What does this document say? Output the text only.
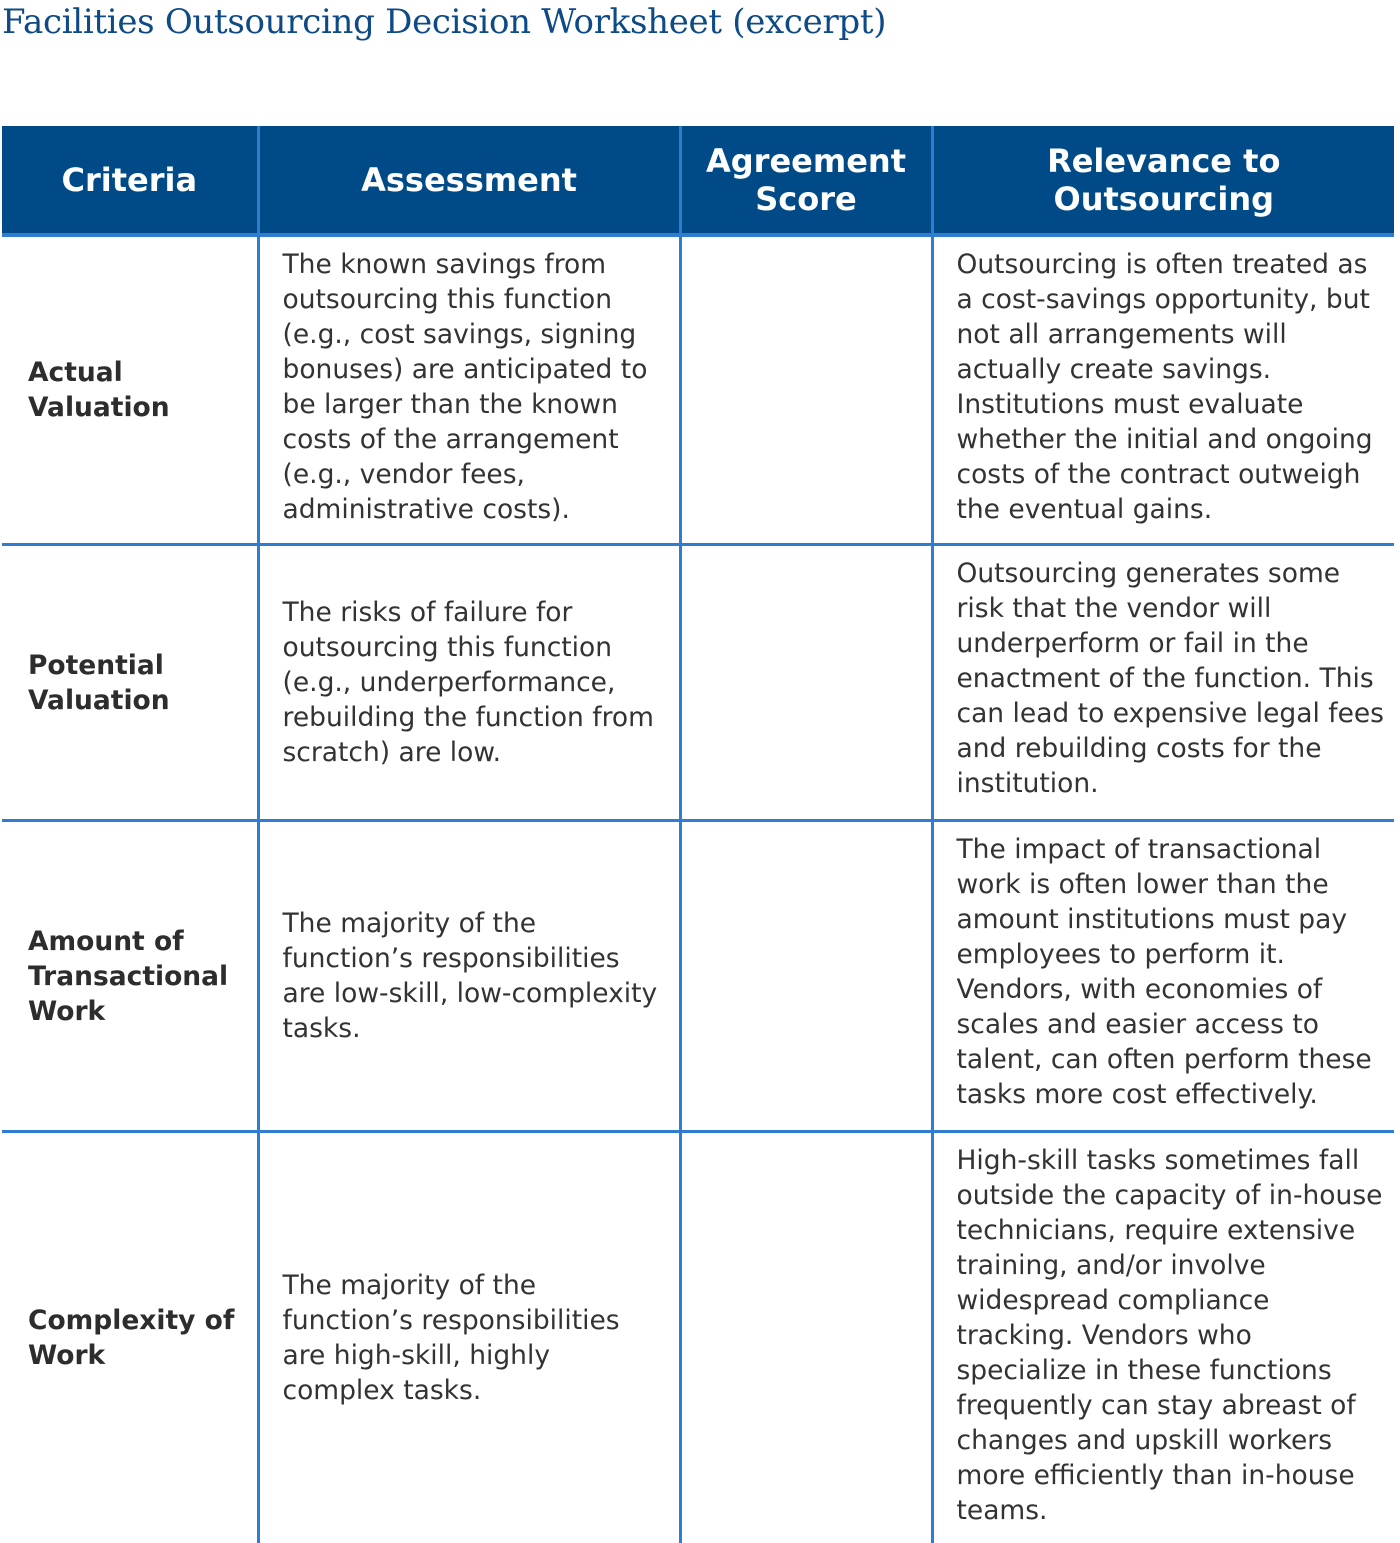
Facilities Outsourcing Decision Worksheet (excerpt)
Criteria	Assessment	Agreement Score	Relevance to Outsourcing
Actual Valuation	The known savings from outsourcing this function (e.g., cost savings, signing bonuses) are anticipated to be larger than the known costs of the arrangement (e.g., vendor fees, administrative costs).		Outsourcing is often treated as a cost-savings opportunity, but not all arrangements will actually create savings. Institutions must evaluate whether the initial and ongoing costs of the contract outweigh the eventual gains.
Potential Valuation	The risks of failure for outsourcing this function (e.g., underperformance, rebuilding the function from scratch) are low.		Outsourcing generates some risk that the vendor will underperform or fail in the enactment of the function. This can lead to expensive legal fees and rebuilding costs for the institution.
Amount of Transactional Work	The majority of the function’s responsibilities are low-skill, low-complexity tasks.		The impact of transactional work is often lower than the amount institutions must pay employees to perform it. Vendors, with economies of scales and easier access to talent, can often perform these tasks more cost effectively.
Complexity of Work	The majority of the function’s responsibilities are high-skill, highly complex tasks.		High-skill tasks sometimes fall outside the capacity of in-house technicians, require extensive training, and/or involve widespread compliance tracking. Vendors who specialize in these functions frequently can stay abreast of changes and upskill workers more efficiently than in-house teams.
